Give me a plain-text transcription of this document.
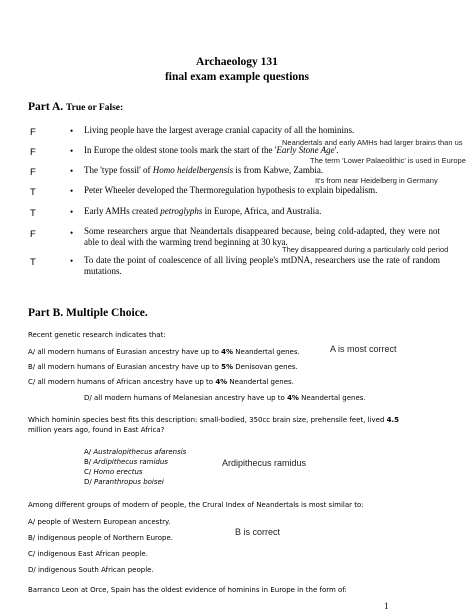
Archaeology 131
final exam example questions
Part A. True or False:
F	• Living people have the largest average cranial capacity of all the hominins.
Neandertals and early AMHs had larger brains than us
F	• In Europe the oldest stone tools mark the start of the 'Early Stone Age'.
The term 'Lower Palaeolithic' is used in Europe
F	• The 'type fossil' of Homo heidelbergensis is from Kabwe, Zambia.
It's from near Heidelberg in Germany
T	• Peter Wheeler developed the Thermoregulation hypothesis to explain bipedalism.
T	• Early AMHs created petroglyphs in Europe, Africa, and Australia.
F	• Some researchers argue that Neandertals disappeared because, being cold-adapted, they were not able to deal with the warming trend beginning at 30 kya.
They disappeared during a particularly cold period
T	• To date the point of coalescence of all living people's mtDNA, researchers use the rate of random mutations.
Part B. Multiple Choice.
Recent genetic research indicates that:
A/ all modern humans of Eurasian ancestry have up to 4% Neandertal genes.	A is most correct
B/ all modern humans of Eurasian ancestry have up to 5% Denisovan genes.
C/ all modern humans of African ancestry have up to 4% Neandertal genes.
D/ all modern humans of Melanesian ancestry have up to 4% Neandertal genes.
Which hominin species best fits this description: small-bodied, 350cc brain size, prehensile feet, lived 4.5 million years ago, found in East Africa?
A/ Australopithecus afarensis
B/ Ardipithecus ramidus	Ardipithecus ramidus
C/ Homo erectus
D/ Paranthropus boisei
Among different groups of modern of people, the Crural Index of Neandertals is most similar to:
A/ people of Western European ancestry.
B/ indigenous people of Northern Europe.
B is correct
C/ indigenous East African people.
D/ indigenous South African people.
Barranco Leon at Orce, Spain has the oldest evidence of hominins in Europe in the form of:
1
